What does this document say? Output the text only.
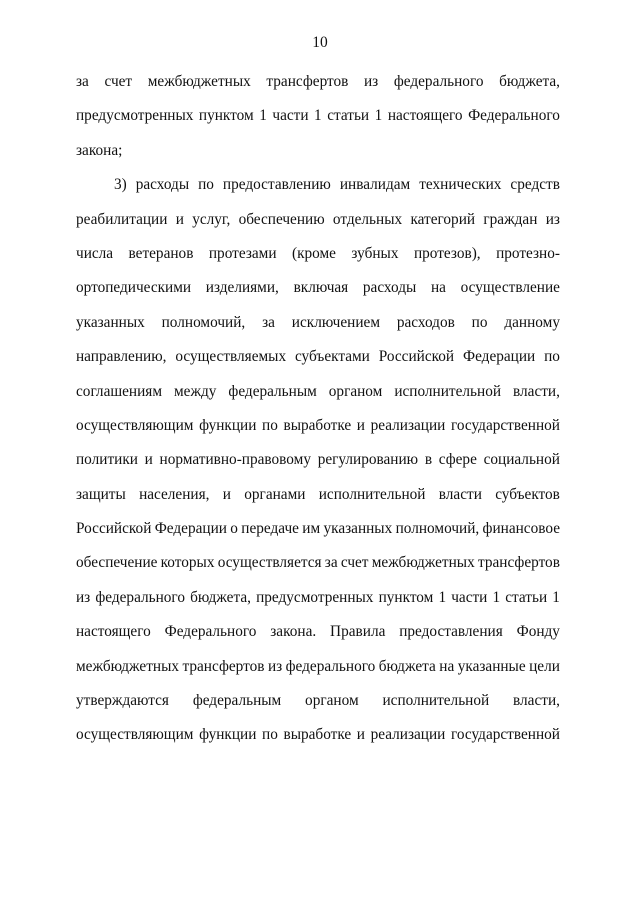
10
за счет межбюджетных трансфертов из федерального бюджета,
предусмотренных пунктом 1 части 1 статьи 1 настоящего Федерального
закона;
3) расходы по предоставлению инвалидам технических средств
реабилитации и услуг, обеспечению отдельных категорий граждан из
числа ветеранов протезами (кроме зубных протезов), протезно-
ортопедическими изделиями, включая расходы на осуществление
указанных полномочий, за исключением расходов по данному
направлению, осуществляемых субъектами Российской Федерации по
соглашениям между федеральным органом исполнительной власти,
осуществляющим функции по выработке и реализации государственной
политики и нормативно-правовому регулированию в сфере социальной
защиты населения, и органами исполнительной власти субъектов
Российской Федерации о передаче им указанных полномочий, финансовое
обеспечение которых осуществляется за счет межбюджетных трансфертов
из федерального бюджета, предусмотренных пунктом 1 части 1 статьи 1
настоящего Федерального закона. Правила предоставления Фонду
межбюджетных трансфертов из федерального бюджета на указанные цели
утверждаются федеральным органом исполнительной власти,
осуществляющим функции по выработке и реализации государственной
